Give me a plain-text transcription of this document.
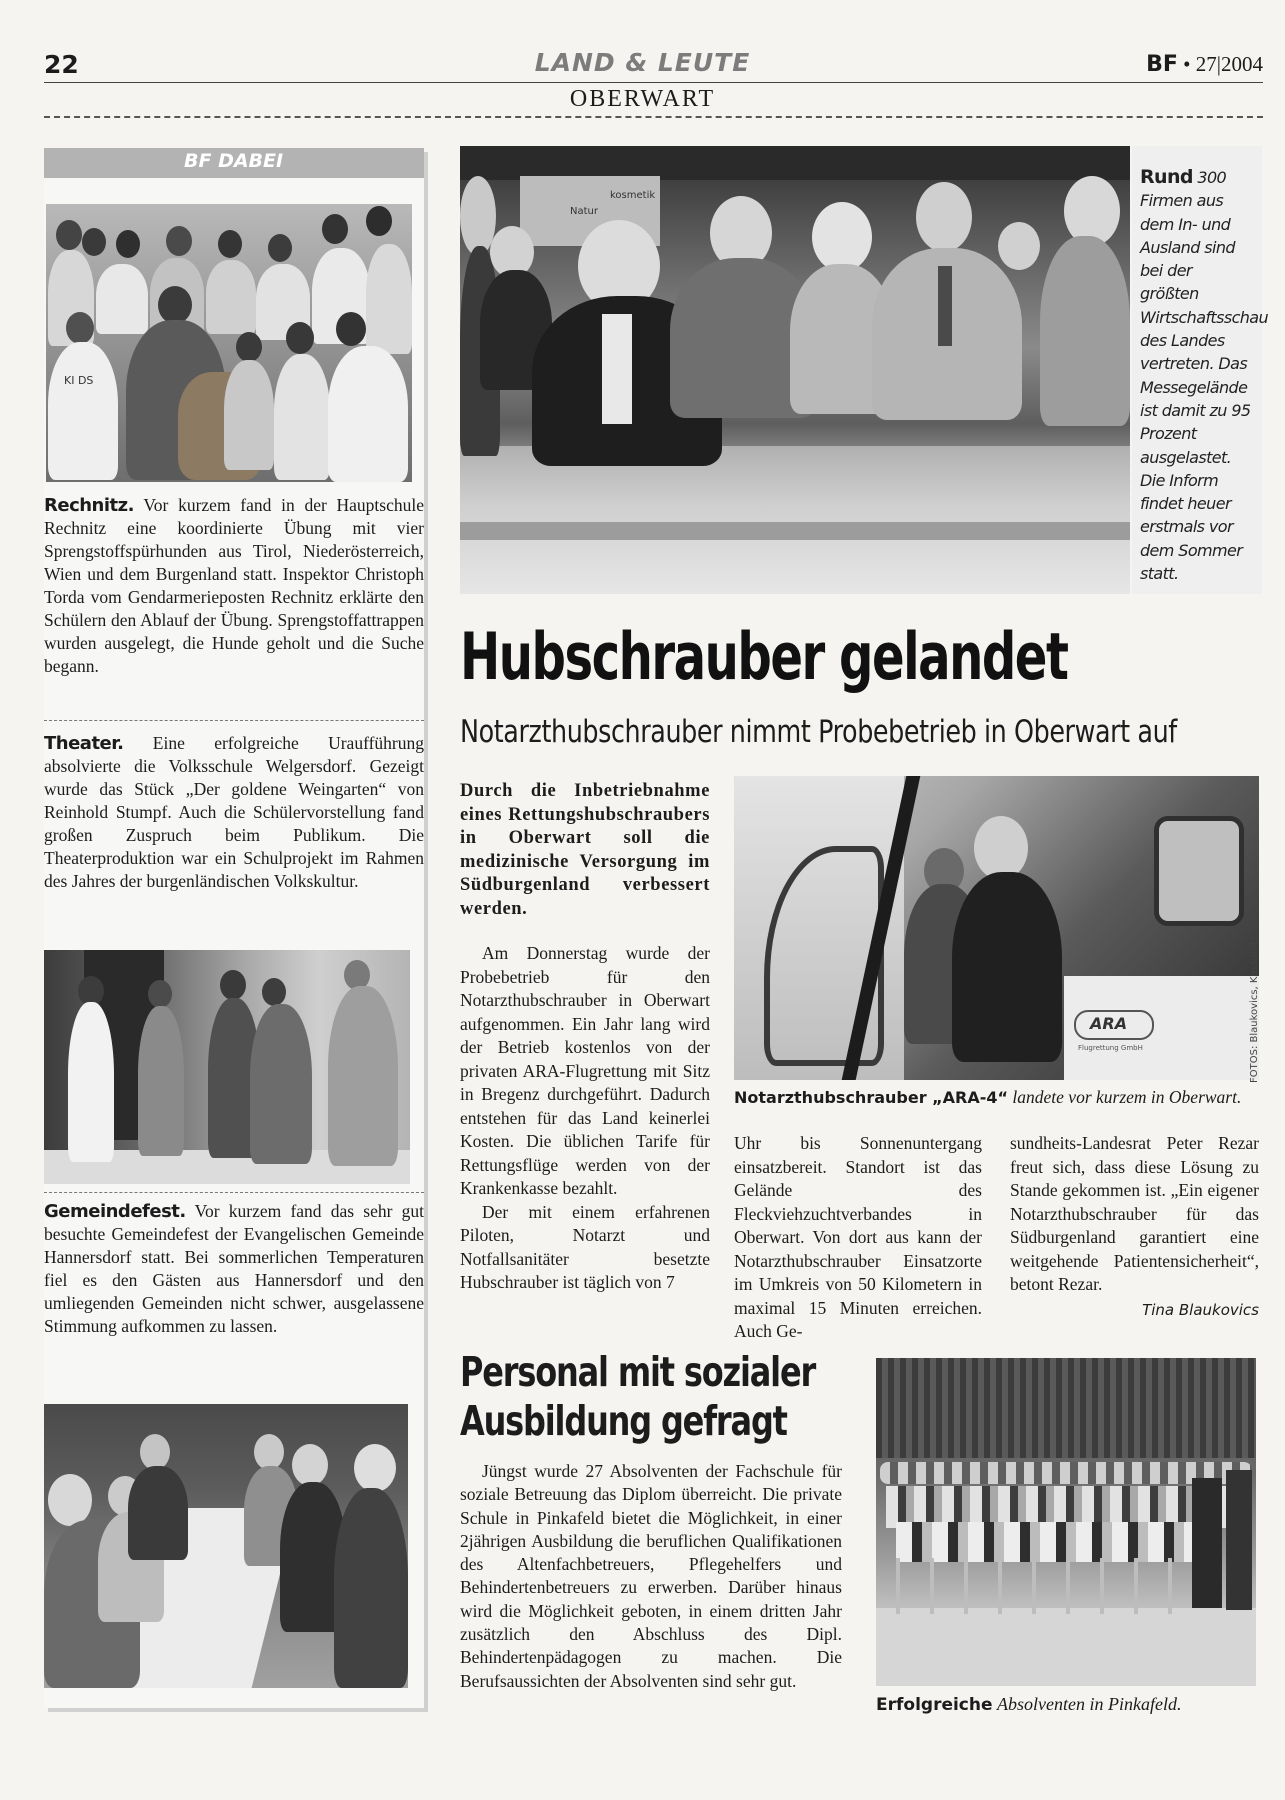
22	LAND & LEUTE	BF • 27|2004
OBERWART
BF DABEI
KI DS
Rechnitz. Vor kurzem fand in der Hauptschule Rechnitz eine koordinierte Übung mit vier Sprengstoffspürhunden aus Tirol, Niederösterreich, Wien und dem Burgenland statt. Inspektor Christoph Torda vom Gendarmerieposten Rechnitz erklärte den Schülern den Ablauf der Übung. Sprengstoffattrappen wurden ausgelegt, die Hunde geholt und die Suche begann.
Theater. Eine erfolgreiche Uraufführung absolvierte die Volksschule Welgersdorf. Gezeigt wurde das Stück „Der goldene Weingarten“ von Reinhold Stumpf. Auch die Schülervorstellung fand großen Zuspruch beim Publikum. Die Theaterproduktion war ein Schulprojekt im Rahmen des Jahres der burgenländischen Volkskultur.
Gemeindefest. Vor kurzem fand das sehr gut besuchte Gemeindefest der Evangelischen Gemeinde Hannersdorf statt. Bei sommerlichen Temperaturen fiel es den Gästen aus Hannersdorf und den umliegenden Gemeinden nicht schwer, ausgelassene Stimmung aufkommen zu lassen.
Natur
kosmetik

Rund 300 Firmen aus dem In- und Ausland sind bei der größten Wirtschaftsschau des Landes vertreten. Das Messegelände ist damit zu 95 Prozent ausgelastet. Die Inform findet heuer erstmals vor dem Sommer statt.

Hubschrauber gelandet
Notarzthubschrauber nimmt Probebetrieb in Oberwart auf
Durch die Inbetriebnahme eines Rettungshubschraubers in Oberwart soll die medizinische Versorgung im Südburgenland verbessert werden.

Am Donnerstag wurde der Probebetrieb für den Notarzthubschrauber in Oberwart aufgenommen. Ein Jahr lang wird der Betrieb kostenlos von der privaten ARA-Flugrettung mit Sitz in Bregenz durchgeführt. Dadurch entstehen für das Land keinerlei Kosten. Die üblichen Tarife für Rettungsflüge werden von der Krankenkasse bezahlt.

Der mit einem erfahrenen Piloten, Notarzt und Notfallsanitäter besetzte Hubschrauber ist täglich von 7

ARA
Flugrettung GmbH	FOTOS: Blaukovics, Kassanits, zVg
Notarzthubschrauber „ARA-4“ landete vor kurzem in Oberwart.

Uhr bis Sonnenuntergang einsatzbereit. Standort ist das Gelände des Fleckviehzuchtverbandes in Oberwart. Von dort aus kann der Notarzthubschrauber Einsatzorte im Umkreis von 50 Kilometern in maximal 15 Minuten erreichen. Auch Ge-

sundheits-Landesrat Peter Rezar freut sich, dass diese Lösung zu Stande gekommen ist. „Ein eigener Notarzthubschrauber für das Südburgenland garantiert eine weitgehende Patientensicherheit“, betont Rezar.

Tina Blaukovics

Personal mit sozialer
Ausbildung gefragt

Jüngst wurde 27 Absolventen der Fachschule für soziale Betreuung das Diplom überreicht. Die private Schule in Pinkafeld bietet die Möglichkeit, in einer 2jährigen Ausbildung die beruflichen Qualifikationen des Altenfachbetreuers, Pflegehelfers und Behindertenbetreuers zu erwerben. Darüber hinaus wird die Möglichkeit geboten, in einem dritten Jahr zusätzlich den Abschluss des Dipl. Behindertenpädagogen zu machen. Die Berufsaussichten der Absolventen sind sehr gut.

Erfolgreiche Absolventen in Pinkafeld.
